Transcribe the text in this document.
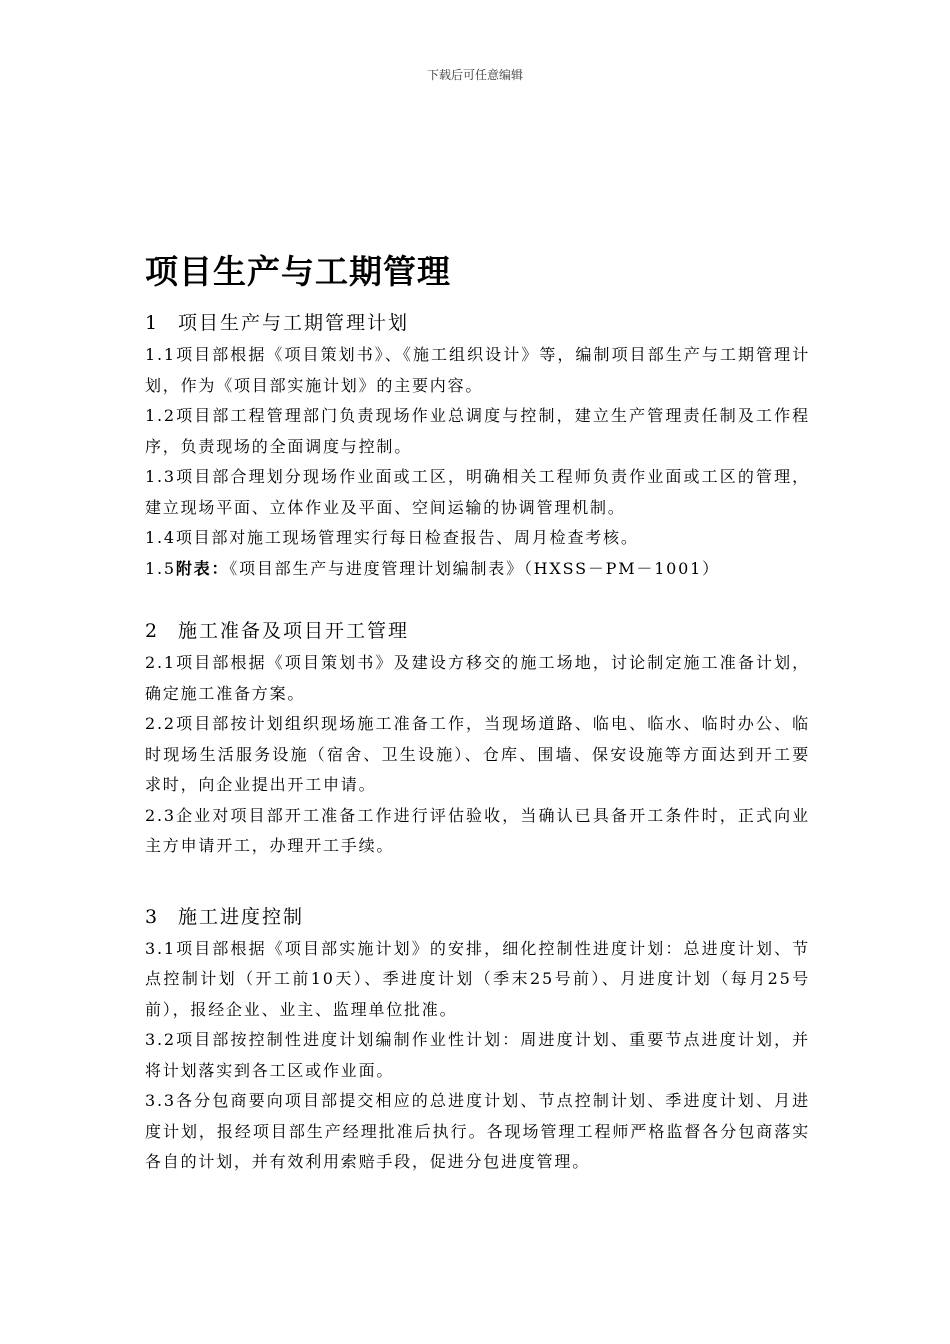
下载后可任意编辑
项目生产与工期管理

1 项目生产与工期管理计划

1.1项目部根据《项目策划书》、《施工组织设计》等，编制项目部生产与工期管理计划，作为《项目部实施计划》的主要内容。

1.2项目部工程管理部门负责现场作业总调度与控制，建立生产管理责任制及工作程序，负责现场的全面调度与控制。

1.3项目部合理划分现场作业面或工区，明确相关工程师负责作业面或工区的管理，建立现场平面、立体作业及平面、空间运输的协调管理机制。

1.4项目部对施工现场管理实行每日检查报告、周月检查考核。

1.5附表：《项目部生产与进度管理计划编制表》（HXSS－PM－1001）

2 施工准备及项目开工管理

2.1项目部根据《项目策划书》及建设方移交的施工场地，讨论制定施工准备计划，确定施工准备方案。

2.2项目部按计划组织现场施工准备工作，当现场道路、临电、临水、临时办公、临时现场生活服务设施（宿舍、卫生设施）、仓库、围墙、保安设施等方面达到开工要求时，向企业提出开工申请。

2.3企业对项目部开工准备工作进行评估验收，当确认已具备开工条件时，正式向业主方申请开工，办理开工手续。

3 施工进度控制

3.1项目部根据《项目部实施计划》的安排，细化控制性进度计划：总进度计划、节点控制计划（开工前10天）、季进度计划（季末25号前）、月进度计划（每月25号前），报经企业、业主、监理单位批准。

3.2项目部按控制性进度计划编制作业性计划：周进度计划、重要节点进度计划，并将计划落实到各工区或作业面。

3.3各分包商要向项目部提交相应的总进度计划、节点控制计划、季进度计划、月进度计划，报经项目部生产经理批准后执行。各现场管理工程师严格监督各分包商落实各自的计划，并有效利用索赔手段，促进分包进度管理。
